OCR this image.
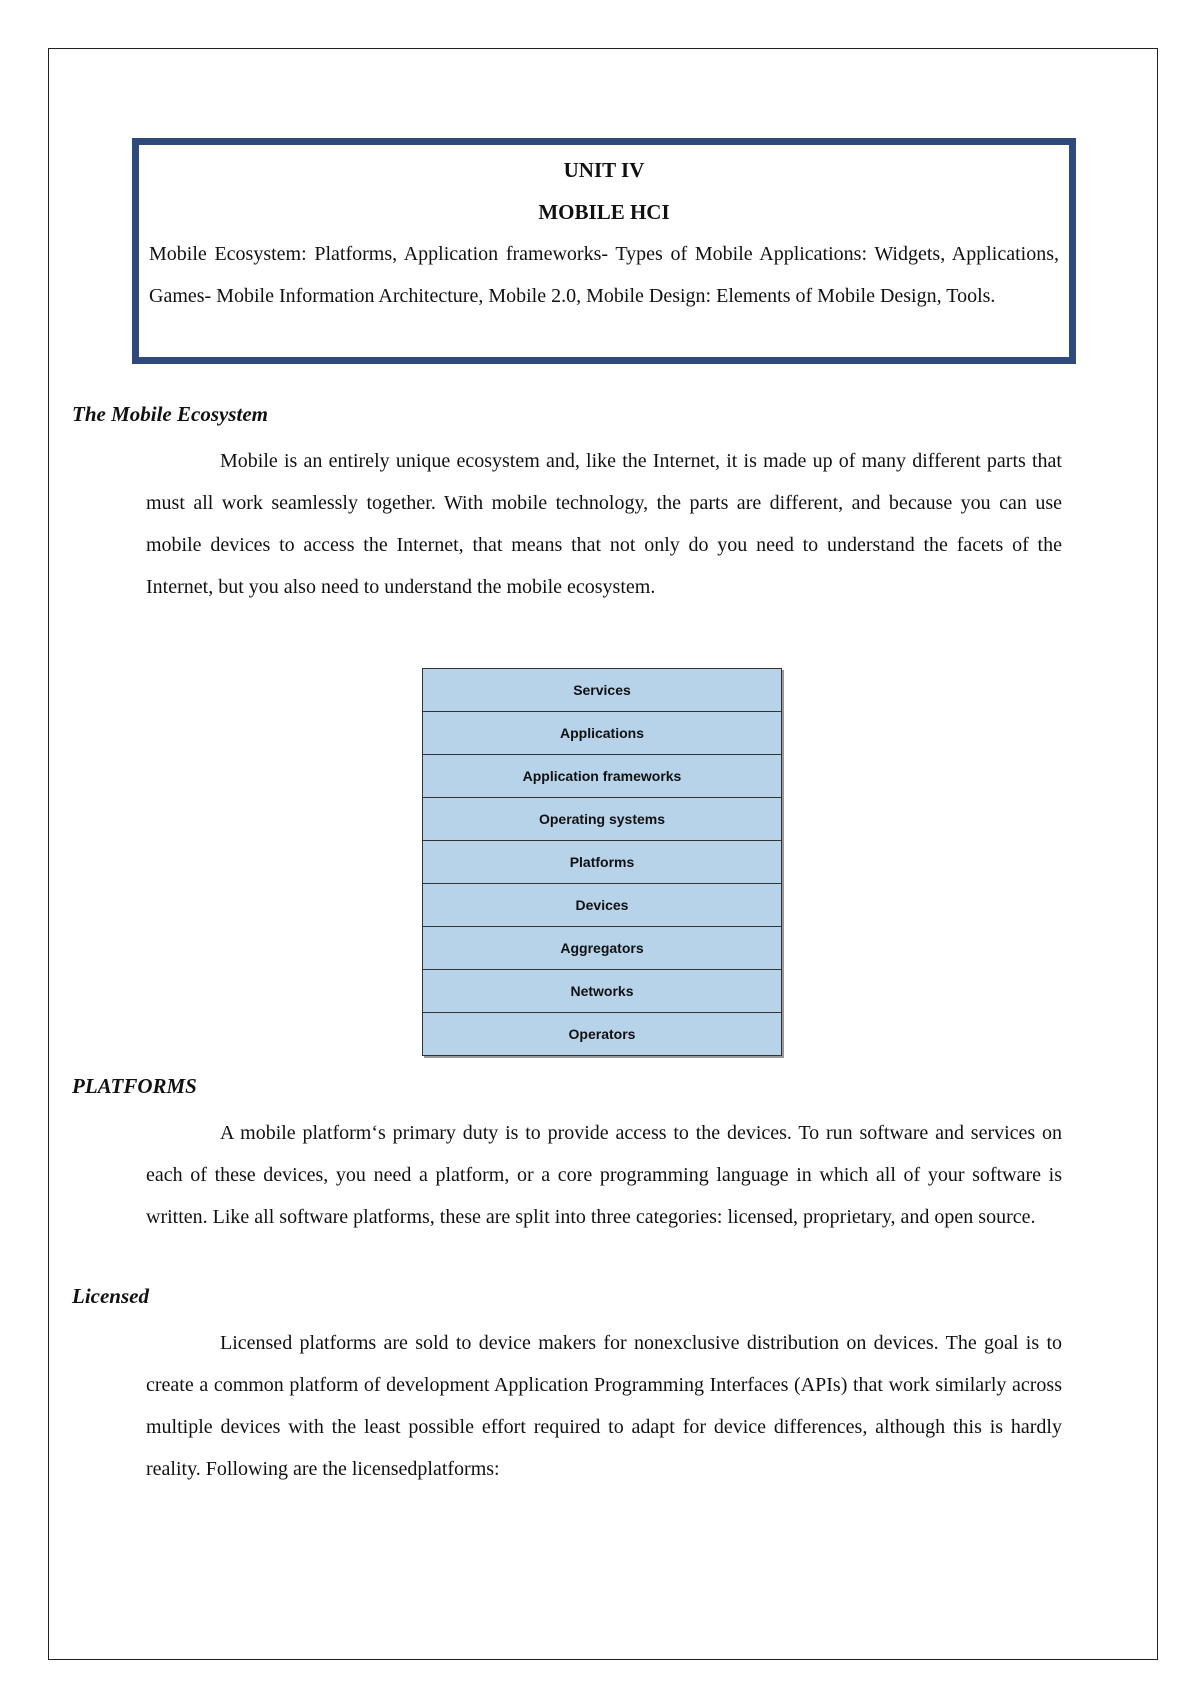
UNIT IV
MOBILE HCI

Mobile Ecosystem: Platforms, Application frameworks- Types of Mobile Applications: Widgets, Applications, Games- Mobile Information Architecture, Mobile 2.0, Mobile Design: Elements of Mobile Design, Tools.

The Mobile Ecosystem

Mobile is an entirely unique ecosystem and, like the Internet, it is made up of many different parts that must all work seamlessly together. With mobile technology, the parts are different, and because you can use mobile devices to access the Internet, that means that not only do you need to understand the facets of the Internet, but you also need to understand the mobile ecosystem.

Services
Applications
Application frameworks
Operating systems
Platforms
Devices
Aggregators
Networks
Operators
PLATFORMS

A mobile platform‘s primary duty is to provide access to the devices. To run software and services on each of these devices, you need a platform, or a core programming language in which all of your software is written. Like all software platforms, these are split into three categories: licensed, proprietary, and open source.

Licensed

Licensed platforms are sold to device makers for nonexclusive distribution on devices. The goal is to create a common platform of development Application Programming Interfaces (APIs) that work similarly across multiple devices with the least possible effort required to adapt for device differences, although this is hardly reality. Following are the licensedplatforms:
